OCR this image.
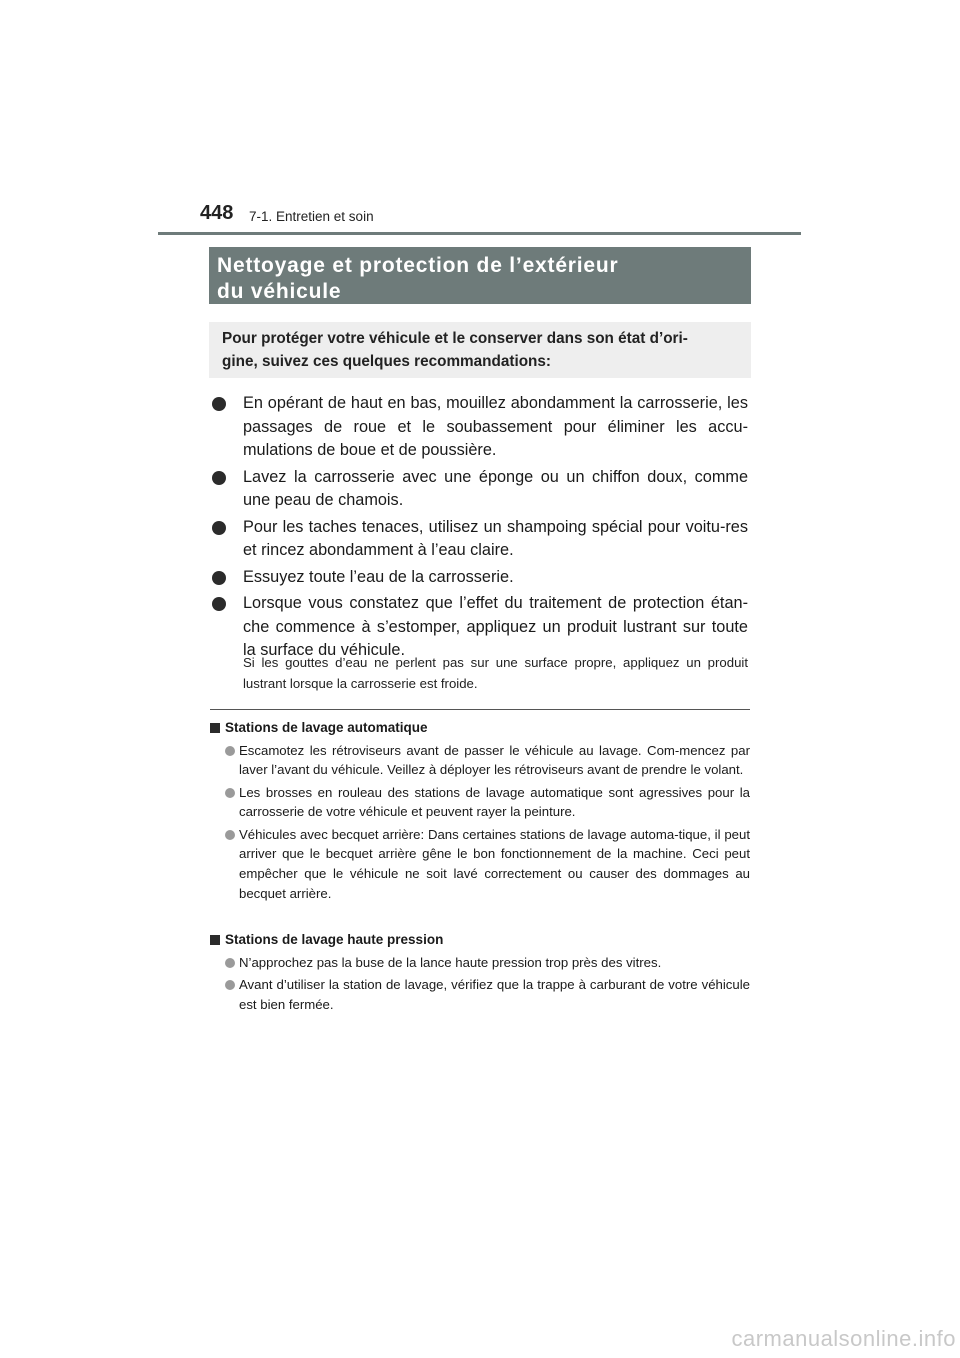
448 7-1. Entretien et soin
Nettoyage et protection de l’extérieur
du véhicule
Pour protéger votre véhicule et le conserver dans son état d’ori-
gine, suivez ces quelques recommandations:
En opérant de haut en bas, mouillez abondamment la carrosserie, les passages de roue et le soubassement pour éliminer les accu-mulations de boue et de poussière.
Lavez la carrosserie avec une éponge ou un chiffon doux, comme une peau de chamois.
Pour les taches tenaces, utilisez un shampoing spécial pour voitu-res et rincez abondamment à l’eau claire.
Essuyez toute l’eau de la carrosserie.
Lorsque vous constatez que l’effet du traitement de protection étan-che commence à s’estomper, appliquez un produit lustrant sur toute la surface du véhicule.
Si les gouttes d’eau ne perlent pas sur une surface propre, appliquez un produit lustrant lorsque la carrosserie est froide.
Stations de lavage automatique
Escamotez les rétroviseurs avant de passer le véhicule au lavage. Com-mencez par laver l’avant du véhicule. Veillez à déployer les rétroviseurs avant de prendre le volant.
Les brosses en rouleau des stations de lavage automatique sont agressives pour la carrosserie de votre véhicule et peuvent rayer la peinture.
Véhicules avec becquet arrière: Dans certaines stations de lavage automa-tique, il peut arriver que le becquet arrière gêne le bon fonctionnement de la machine. Ceci peut empêcher que le véhicule ne soit lavé correctement ou causer des dommages au becquet arrière.
Stations de lavage haute pression
N’approchez pas la buse de la lance haute pression trop près des vitres.
Avant d’utiliser la station de lavage, vérifiez que la trappe à carburant de votre véhicule est bien fermée.
carmanualsonline.info
